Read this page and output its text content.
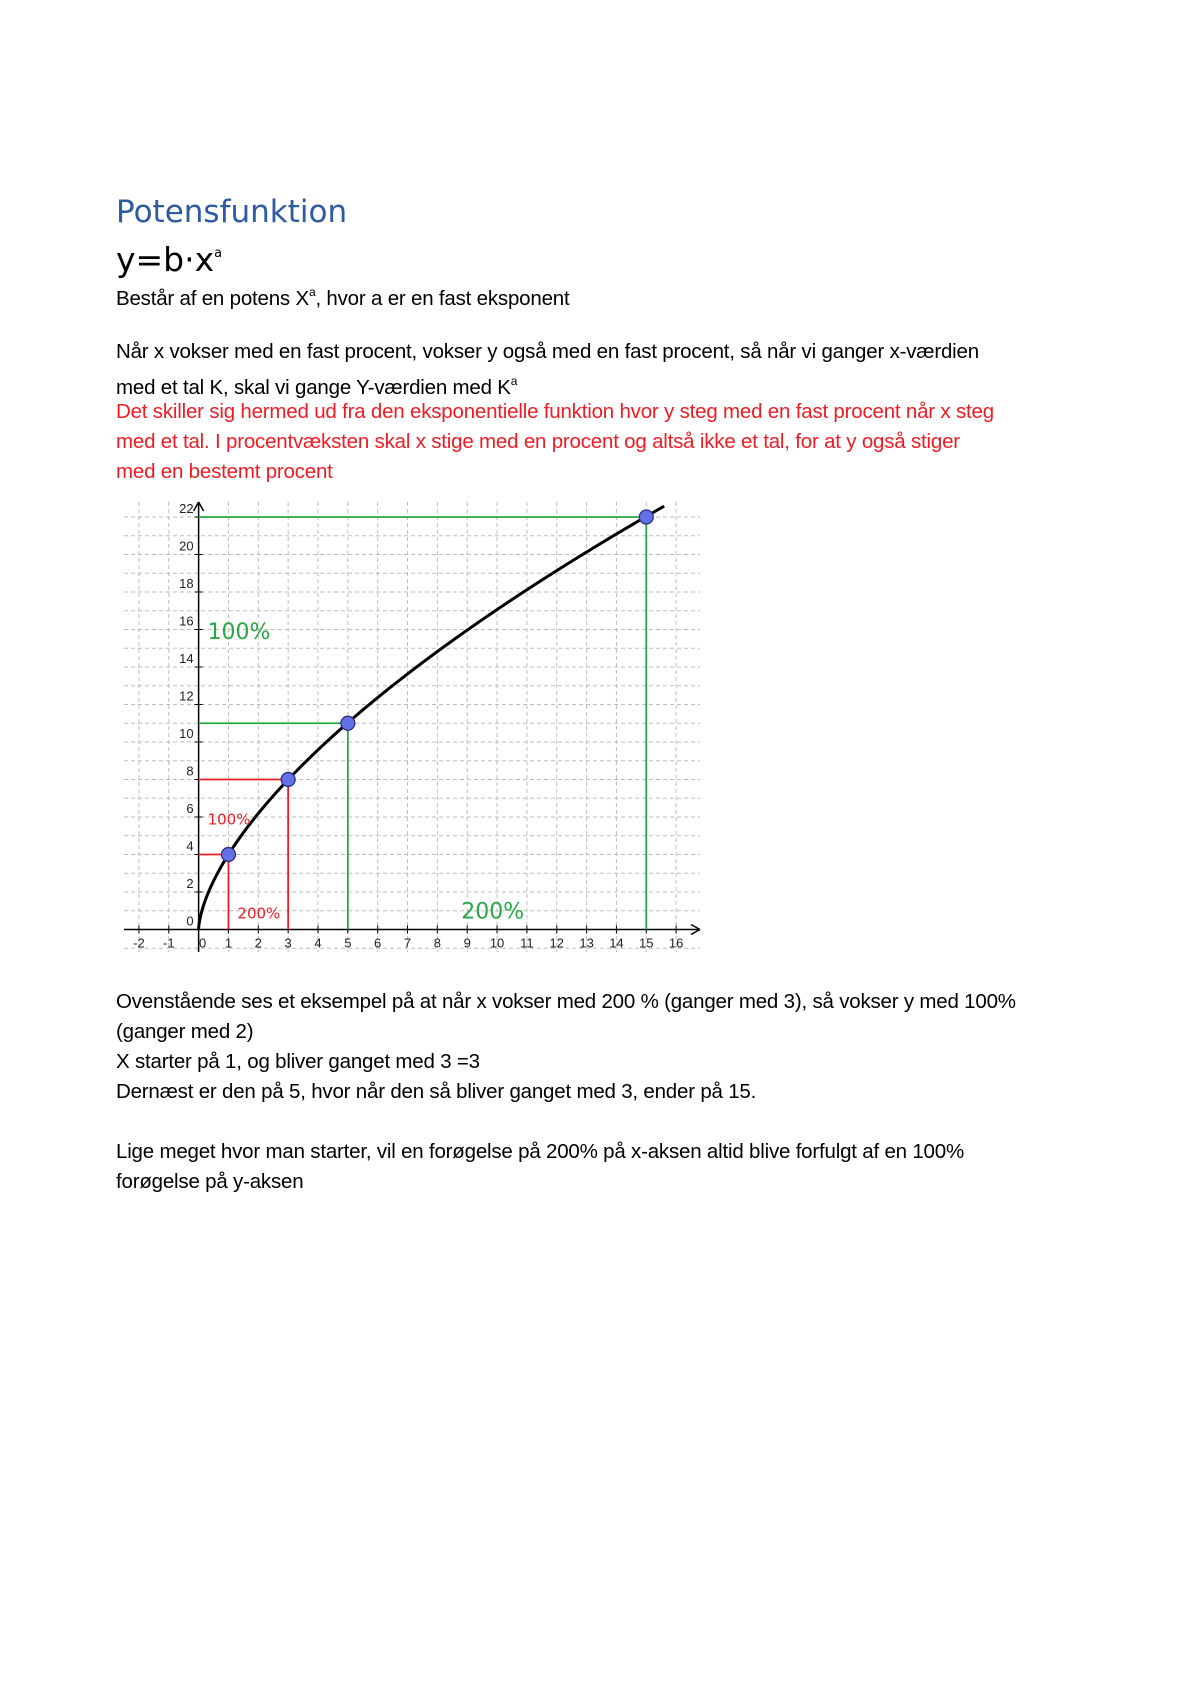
Potensfunktion
$y=b\cdot x^a$
Består af en potens $X^a$, hvor a er en fast eksponent
Når x vokser med en fast procent, vokser y også med en fast procent, så når vi ganger x-værdien
med et tal K, skal vi gange Y-værdien med $K^a$
Det skiller sig hermed ud fra den eksponentielle funktion hvor y steg med en fast procent når x steg
med et tal. I procentvæksten skal x stige med en procent og altså ikke et tal, for at y også stiger
med en bestemt procent
-2 -1 0 1 2 3 4 5 6 7 8 9 10 11 12 13 14 15 16
0
2
4
6
8
10
12
14
16
18
20
22
100%
100%
200%	200%
Ovenstående ses et eksempel på at når x vokser med 200 % (ganger med 3), så vokser y med 100%
(ganger med 2)
X starter på 1, og bliver ganget med 3 =3
Dernæst er den på 5, hvor når den så bliver ganget med 3, ender på 15.
Lige meget hvor man starter, vil en forøgelse på 200% på x-aksen altid blive forfulgt af en 100%
forøgelse på y-aksen
